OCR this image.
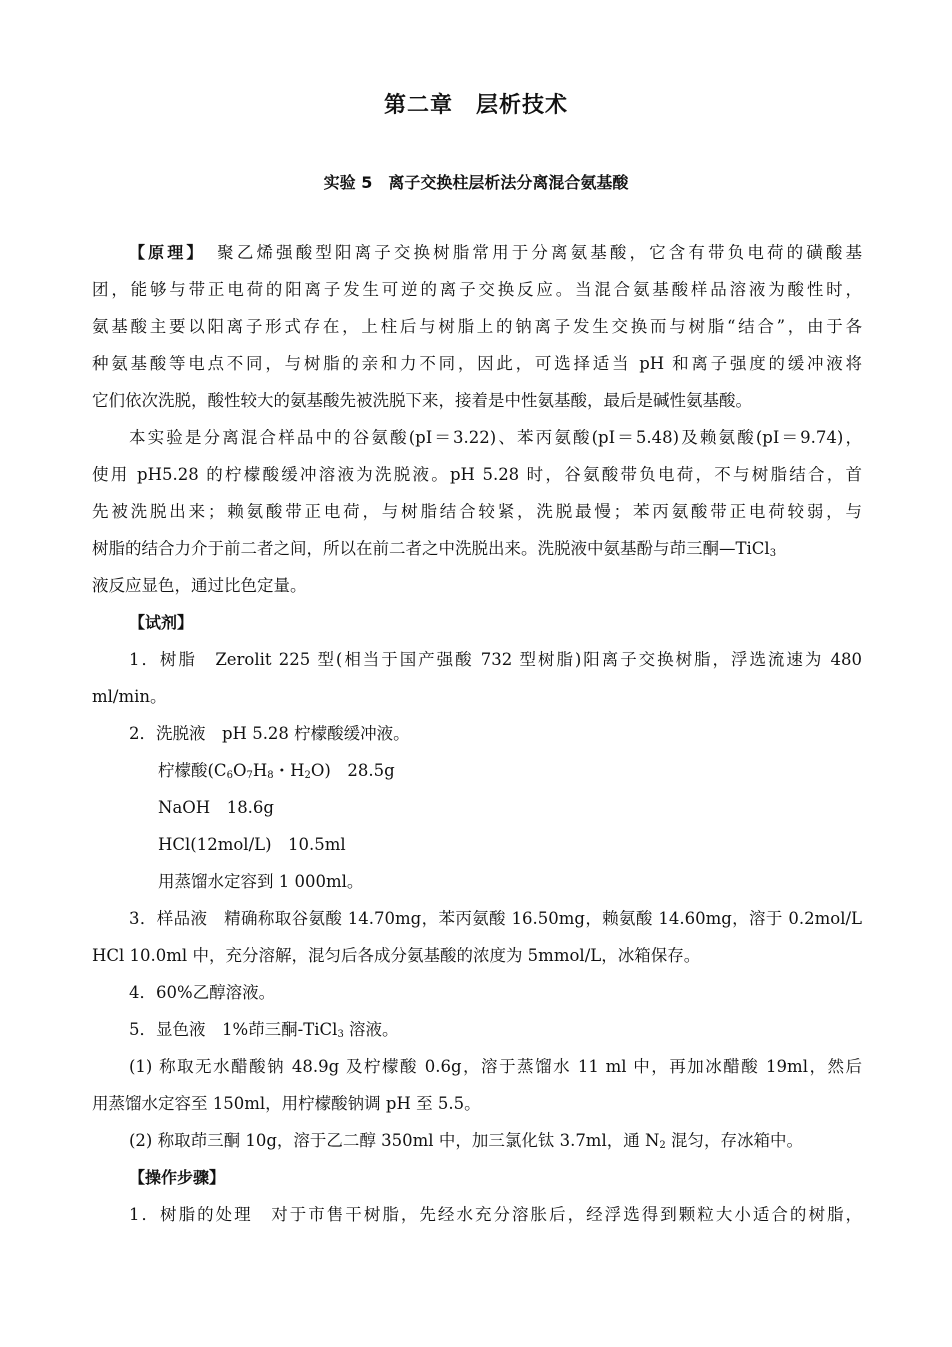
第二章　层析技术
实验 5　离子交换柱层析法分离混合氨基酸
【原理】　聚乙烯强酸型阳离子交换树脂常用于分离氨基酸，它含有带负电荷的磺酸基
团，能够与带正电荷的阳离子发生可逆的离子交换反应。当混合氨基酸样品溶液为酸性时，
氨基酸主要以阳离子形式存在，上柱后与树脂上的钠离子发生交换而与树脂“结合”，由于各
种氨基酸等电点不同，与树脂的亲和力不同，因此，可选择适当 pH 和离子强度的缓冲液将
它们依次洗脱，酸性较大的氨基酸先被洗脱下来，接着是中性氨基酸，最后是碱性氨基酸。
本实验是分离混合样品中的谷氨酸(pI＝3.22)、苯丙氨酸(pI＝5.48)及赖氨酸(pI＝9.74)，
使用 pH5.28 的柠檬酸缓冲溶液为洗脱液。pH 5.28 时，谷氨酸带负电荷，不与树脂结合，首
先被洗脱出来；赖氨酸带正电荷，与树脂结合较紧，洗脱最慢；苯丙氨酸带正电荷较弱，与
树脂的结合力介于前二者之间，所以在前二者之中洗脱出来。洗脱液中氨基酚与茚三酮—TiCl$_3$
液反应显色，通过比色定量。
【试剂】
1．树脂　Zerolit 225 型(相当于国产强酸 732 型树脂)阳离子交换树脂，浮选流速为 480
ml/min。
2．洗脱液　pH 5.28 柠檬酸缓冲液。
柠檬酸($C_6O_7H_8$・$H_2O$)　28.5g
NaOH　18.6g
HCl(12mol/L)　10.5ml
用蒸馏水定容到 1 000ml。
3．样品液　精确称取谷氨酸 14.70mg，苯丙氨酸 16.50mg，赖氨酸 14.60mg，溶于 0.2mol/L
HCl 10.0ml 中，充分溶解，混匀后各成分氨基酸的浓度为 5mmol/L，冰箱保存。
4．60%乙醇溶液。
5．显色液　1%茚三酮-TiCl$_3$ 溶液。
(1) 称取无水醋酸钠 48.9g 及柠檬酸 0.6g，溶于蒸馏水 11 ml 中，再加冰醋酸 19ml，然后
用蒸馏水定容至 150ml，用柠檬酸钠调 pH 至 5.5。
(2) 称取茚三酮 10g，溶于乙二醇 350ml 中，加三氯化钛 3.7ml，通 $N_2$ 混匀，存冰箱中。
【操作步骤】
1．树脂的处理　对于市售干树脂，先经水充分溶胀后，经浮选得到颗粒大小适合的树脂，
